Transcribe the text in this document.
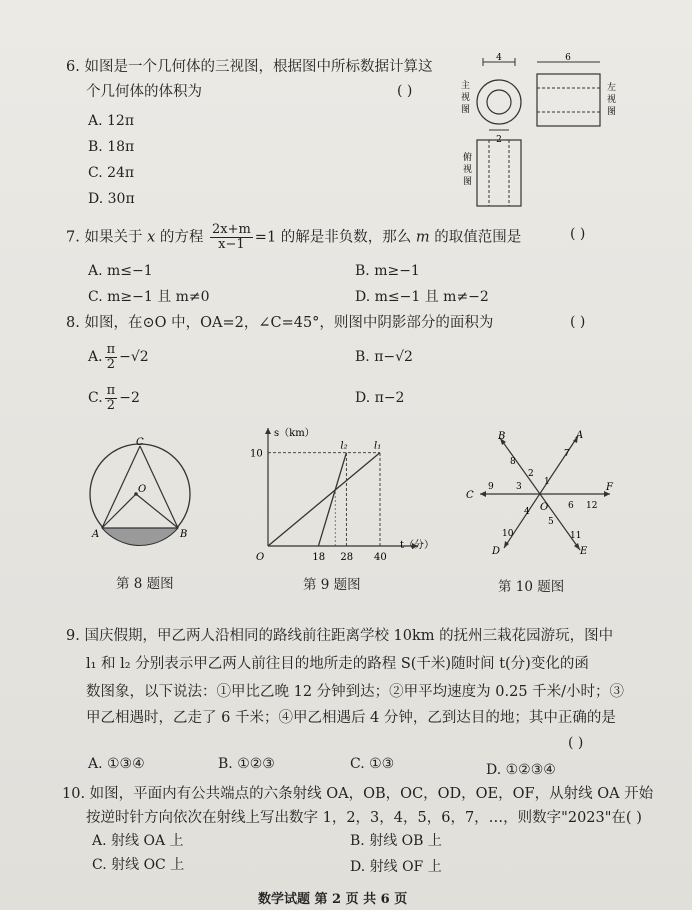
6. 如图是一个几何体的三视图，根据图中所标数据计算这
个几何体的体积为	( )
A. 12π
B. 18π
C. 24π
D. 30π
4
主
视
图
6
左
视
图
2
俯
视
图
7. 如果关于 x 的方程 $\frac{2x+m}{x-1} =1$ 的解是非负数，那么 m 的取值范围是	( )
A. m≤−1	B. m≥−1
C. m≥−1 且 m≠0	D. m≤−1 且 m≠−2
8. 如图，在⊙O 中，OA=2，∠C=45°，则图中阴影部分的面积为	( )
A. $\frac{\pi}{2} -√2$	B. π−√2
C. $\frac{\pi}{2} -2$	D. π−2
C
O
A	B
第 8 题图
s（km）
t（分）
O
10
18 28 40
l₁
l₂
第 9 题图
A
B
C
D	E
F
O
1
2
3
4
5
6
7
8
9
10	11
12
第 10 题图
9. 国庆假期，甲乙两人沿相同的路线前往距离学校 10km 的抚州三栽花园游玩，图中
l₁ 和 l₂ 分别表示甲乙两人前往目的地所走的路程 S(千米)随时间 t(分)变化的函
数图象，以下说法：①甲比乙晚 12 分钟到达；②甲平均速度为 0.25 千米/小时；③
甲乙相遇时，乙走了 6 千米；④甲乙相遇后 4 分钟，乙到达目的地；其中正确的是
( )
A. ①③④	B. ①②③	C. ①③	D. ①②③④
10. 如图，平面内有公共端点的六条射线 OA，OB，OC，OD，OE，OF，从射线 OA 开始
按逆时针方向依次在射线上写出数字 1，2，3，4，5，6，7，…，则数字"2023"在( )
A. 射线 OA 上	B. 射线 OB 上
C. 射线 OC 上	D. 射线 OF 上
数学试题 第 2 页 共 6 页
